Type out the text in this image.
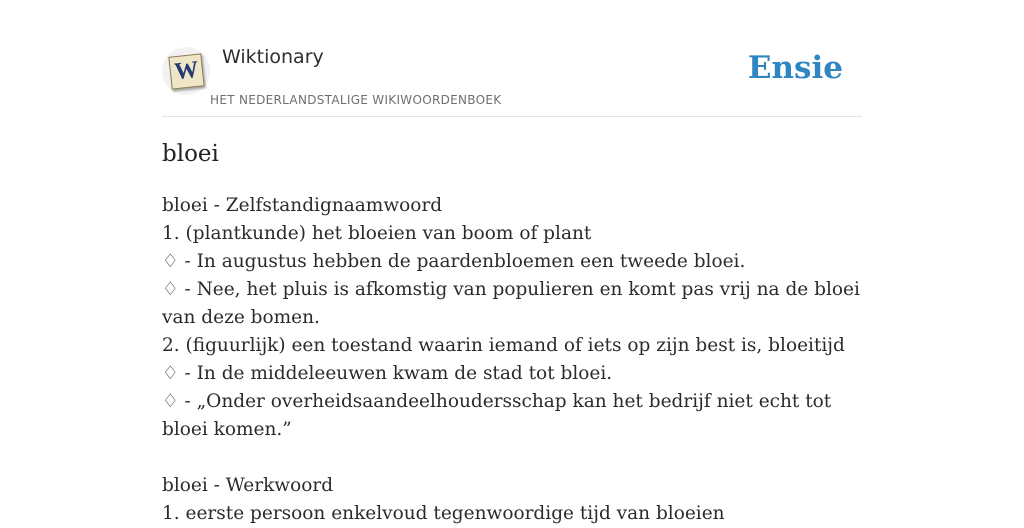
W Wiktionary
HET NEDERLANDSTALIGE WIKIWOORDENBOEK
Ensie
bloei
bloei - Zelfstandignaamwoord
1. (plantkunde) het bloeien van boom of plant
♢ - In augustus hebben de paardenbloemen een tweede bloei.
♢ - Nee, het pluis is afkomstig van populieren en komt pas vrij na de bloei van deze bomen.
2. (figuurlijk) een toestand waarin iemand of iets op zijn best is, bloeitijd
♢ - In de middeleeuwen kwam de stad tot bloei.
♢ - „Onder overheidsaandeelhoudersschap kan het bedrijf niet echt tot bloei komen.”
bloei - Werkwoord
1. eerste persoon enkelvoud tegenwoordige tijd van bloeien
